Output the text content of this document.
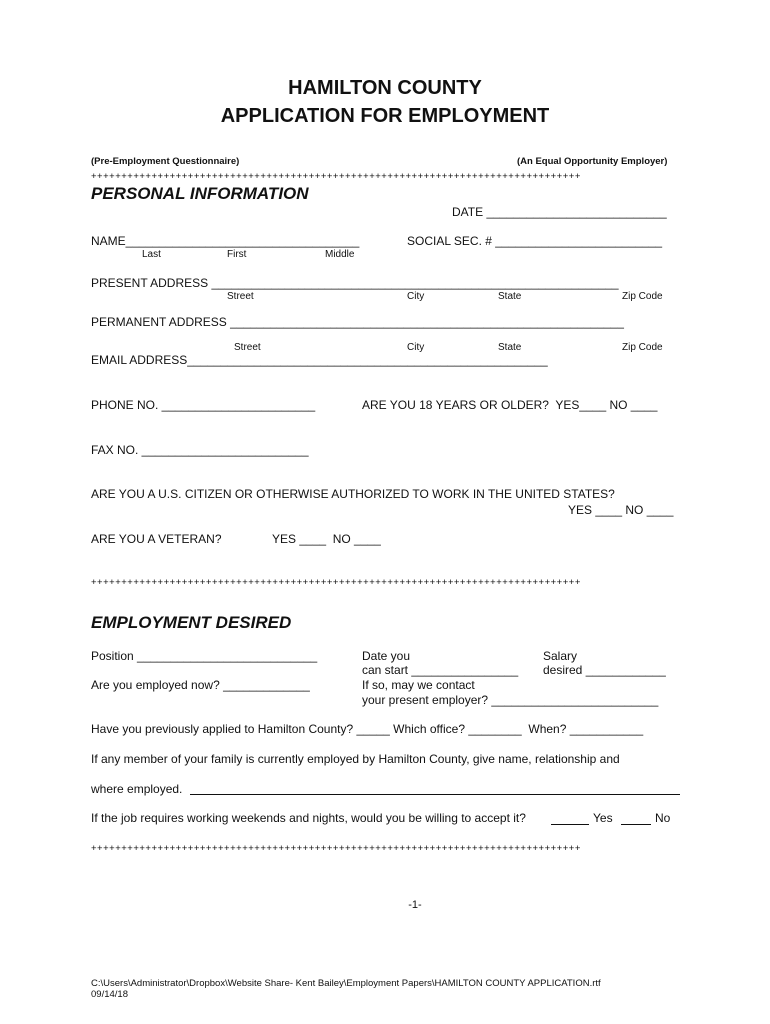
HAMILTON COUNTY
APPLICATION FOR EMPLOYMENT
(Pre-Employment Questionnaire)	(An Equal Opportunity Employer)
+++++++++++++++++++++++++++++++++++++++++++++++++++++++++++++++++++++++++++++++++
PERSONAL INFORMATION
DATE ___________________________
NAME___________________________________
Last	First	Middle
SOCIAL SEC. # _________________________
PRESENT ADDRESS _____________________________________________________________
Street	City	State	Zip Code
PERMANENT ADDRESS ___________________________________________________________
Street	City	State	Zip Code
EMAIL ADDRESS______________________________________________________
PHONE NO. _______________________	ARE YOU 18 YEARS OR OLDER?  YES____ NO ____
FAX NO. _________________________
ARE YOU A U.S. CITIZEN OR OTHERWISE AUTHORIZED TO WORK IN THE UNITED STATES?
YES ____ NO ____
ARE YOU A VETERAN?	YES ____  NO ____
+++++++++++++++++++++++++++++++++++++++++++++++++++++++++++++++++++++++++++++++++
EMPLOYMENT DESIRED
Position ___________________________
Are you employed now? _____________
Date you
can start ________________
If so, may we contact
your present employer? _________________________
Salary
desired ____________
Have you previously applied to Hamilton County? _____ Which office? ________  When? ___________
If any member of your family is currently employed by Hamilton County, give name, relationship and
where employed.
If the job requires working weekends and nights, would you be willing to accept it?	Yes	No
+++++++++++++++++++++++++++++++++++++++++++++++++++++++++++++++++++++++++++++++++
-1-
C:\Users\Administrator\Dropbox\Website Share- Kent Bailey\Employment Papers\HAMILTON COUNTY APPLICATION.rtf
09/14/18
